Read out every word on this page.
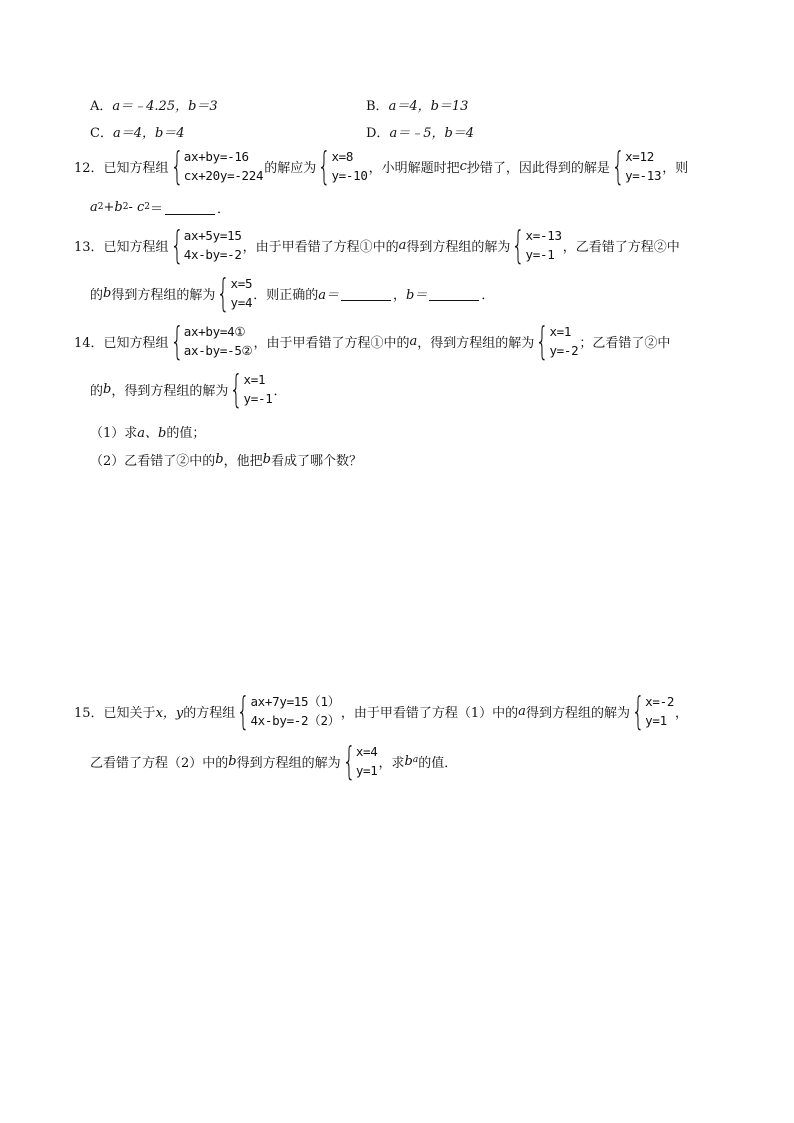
A． a＝﹣4.25，b＝3	B． a＝4，b＝13
C． a＝4，b＝4	D． a＝﹣5，b＝4
12． 已知方程组 { ax+by=-16
cx+20y=-224 的解应为 { x=8
y=-10 ，小明解题时把 c 抄错了，因此得到的解是 { x=12
y=-13 ，则
$a^2 +b^2 - c^2$ ＝	．
13． 已知方程组 { ax+5y=15
4x-by=-2 ，由于甲看错了方程①中的 a 得到方程组的解为 { x=-13
y=-1 ，乙看错了方程②中
的 b 得到方程组的解为 { x=5
y=4 ．则正确的 a＝	， b＝	．
14． 已知方程组 { ax+by=4①
ax-by=-5② ，由于甲看错了方程①中的 a ，得到方程组的解为 { x=1
y=-2 ；乙看错了②中
的 b ，得到方程组的解为 { x=1
y=-1 ．
（1）求 a、b 的值；
（2）乙看错了②中的 b ，他把 b 看成了哪个数？
15． 已知关于 x，y 的方程组 { ax+7y=15（1）
4x-by=-2（2） ，由于甲看错了方程（1）中的 a 得到方程组的解为 { x=-2
y=1 ，
乙看错了方程（2）中的 b 得到方程组的解为 { x=4
y=1 ，求 $b^a$ 的值．
